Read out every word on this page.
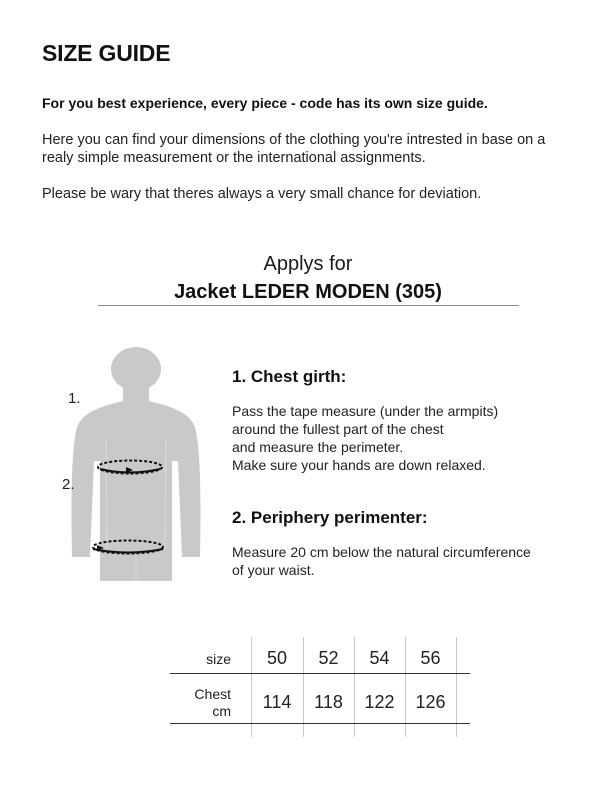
SIZE GUIDE

For you best experience, every piece - code has its own size guide.

Here you can find your dimensions of the clothing you're intrested in base on a
realy simple measurement or the international assignments.

Please be wary that theres always a very small chance for deviation.

Applys for
Jacket LEDER MODEN (305)
1.
2.
1. Chest girth:

Pass the tape measure (under the armpits)
around the fullest part of the chest
and measure the perimeter.
Make sure your hands are down relaxed.

2. Periphery perimenter:

Measure 20 cm below the natural circumference
of your waist.

size	50	52	54	56
Chest
cm	114	118	122	126
